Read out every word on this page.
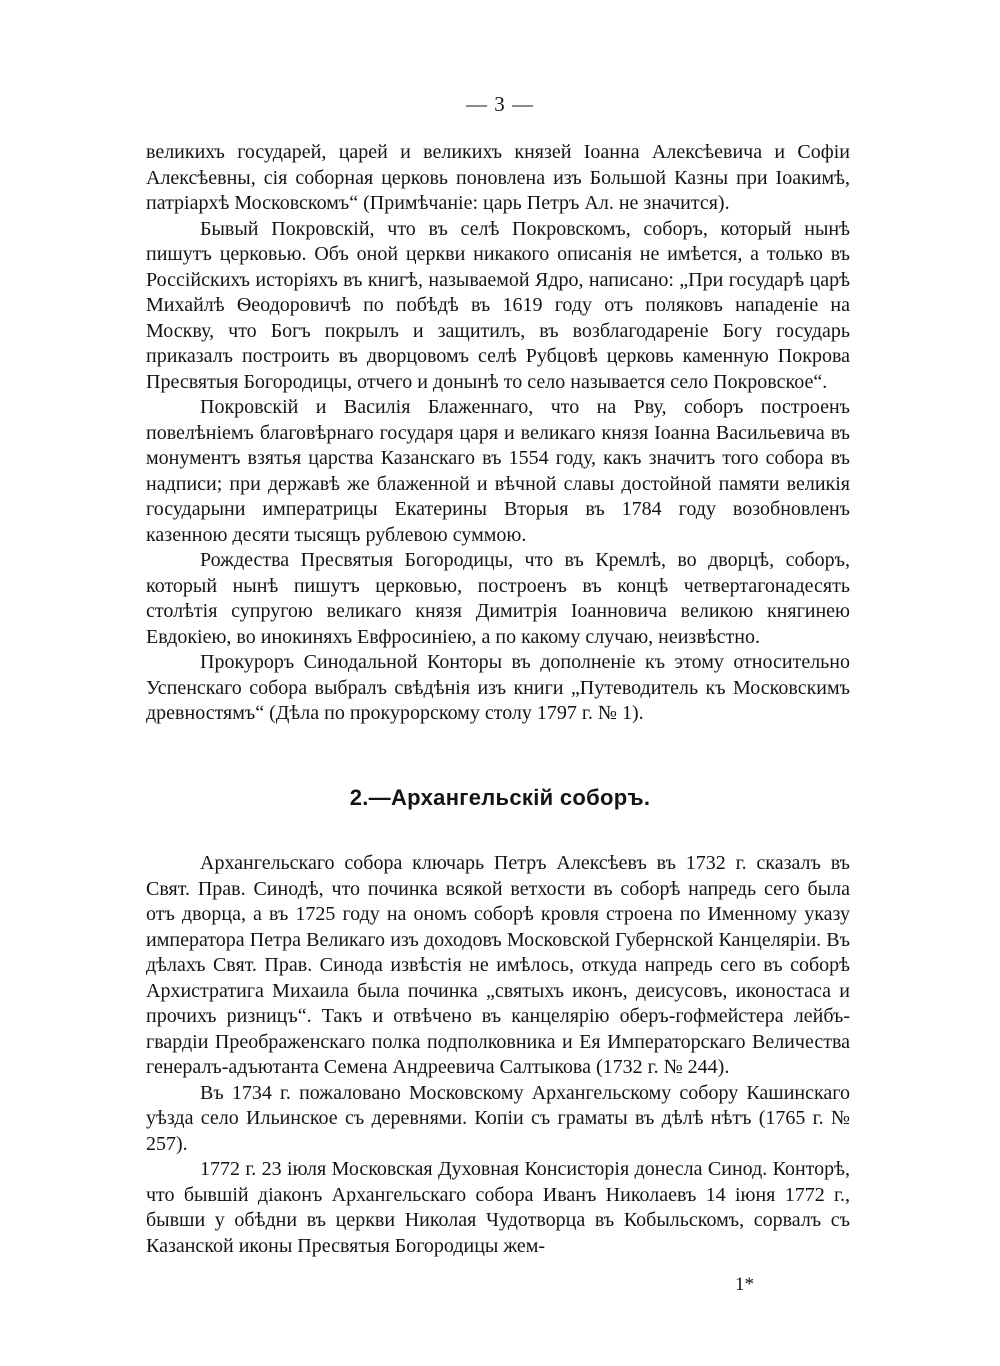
— 3 —

великихъ государей, царей и великихъ князей Іоанна Алексѣевича и Софіи Алексѣевны, сія соборная церковь поновлена изъ Большой Казны при Іоакимѣ, патріархѣ Московскомъ“ (Примѣчаніе: царь Петръ Ал. не значится).

Бывый Покровскій, что въ селѣ Покровскомъ, соборъ, который нынѣ пишутъ церковью. Объ оной церкви никакого описанія не имѣется, а только въ Россійскихъ исторіяхъ въ книгѣ, называемой Ядро, написано: „При государѣ царѣ Михайлѣ Ѳеодоровичѣ по побѣдѣ въ 1619 году отъ поляковъ нападеніе на Москву, что Богъ покрылъ и защитилъ, въ возблагодареніе Богу государь приказалъ построить въ дворцовомъ селѣ Рубцовѣ церковь каменную Покрова Пресвятыя Богородицы, отчего и донынѣ то село называется село Покровское“.

Покровскій и Василія Блаженнаго, что на Рву, соборъ построенъ повелѣніемъ благовѣрнаго государя царя и великаго князя Іоанна Васильевича въ монументъ взятья царства Казанскаго въ 1554 году, какъ значитъ того собора въ надписи; при державѣ же блаженной и вѣчной славы достойной памяти великія государыни императрицы Екатерины Вторыя въ 1784 году возобновленъ казенною десяти тысящъ рублевою суммою.

Рождества Пресвятыя Богородицы, что въ Кремлѣ, во дворцѣ, соборъ, который нынѣ пишутъ церковью, построенъ въ концѣ четвертагонадесять столѣтія супругою великаго князя Димитрія Іоанновича великою княгинею Евдокіею, во инокиняхъ Евфросиніею, а по какому случаю, неизвѣстно.

Прокуроръ Синодальной Конторы въ дополненіе къ этому относительно Успенскаго собора выбралъ свѣдѣнія изъ книги „Путеводитель къ Московскимъ древностямъ“ (Дѣла по прокурорскому столу 1797 г. № 1).

2.—Архангельскій соборъ.

Архангельскаго собора ключарь Петръ Алексѣевъ въ 1732 г. сказалъ въ Свят. Прав. Синодѣ, что починка всякой ветхости въ соборѣ напредь сего была отъ дворца, а въ 1725 году на ономъ соборѣ кровля строена по Именному указу императора Петра Великаго изъ доходовъ Московской Губернской Канцеляріи. Въ дѣлахъ Свят. Прав. Синода извѣстія не имѣлось, откуда напредь сего въ соборѣ Архистратига Михаила была починка „святыхъ иконъ, деисусовъ, иконостаса и прочихъ ризницъ“. Такъ и отвѣчено въ канцелярію оберъ-гофмейстера лейбъ-гвардіи Преображенскаго полка подполковника и Ея Императорскаго Величества генералъ-адъютанта Семена Андреевича Салтыкова (1732 г. № 244).

Въ 1734 г. пожаловано Московскому Архангельскому собору Кашинскаго уѣзда село Ильинское съ деревнями. Копіи съ граматы въ дѣлѣ нѣтъ (1765 г. № 257).

1772 г. 23 іюля Московская Духовная Консисторія донесла Синод. Конторѣ, что бывшій діаконъ Архангельскаго собора Иванъ Николаевъ 14 іюня 1772 г., бывши у обѣдни въ церкви Николая Чудотворца въ Кобыльскомъ, сорвалъ съ Казанской иконы Пресвятыя Богородицы жем-

1*
